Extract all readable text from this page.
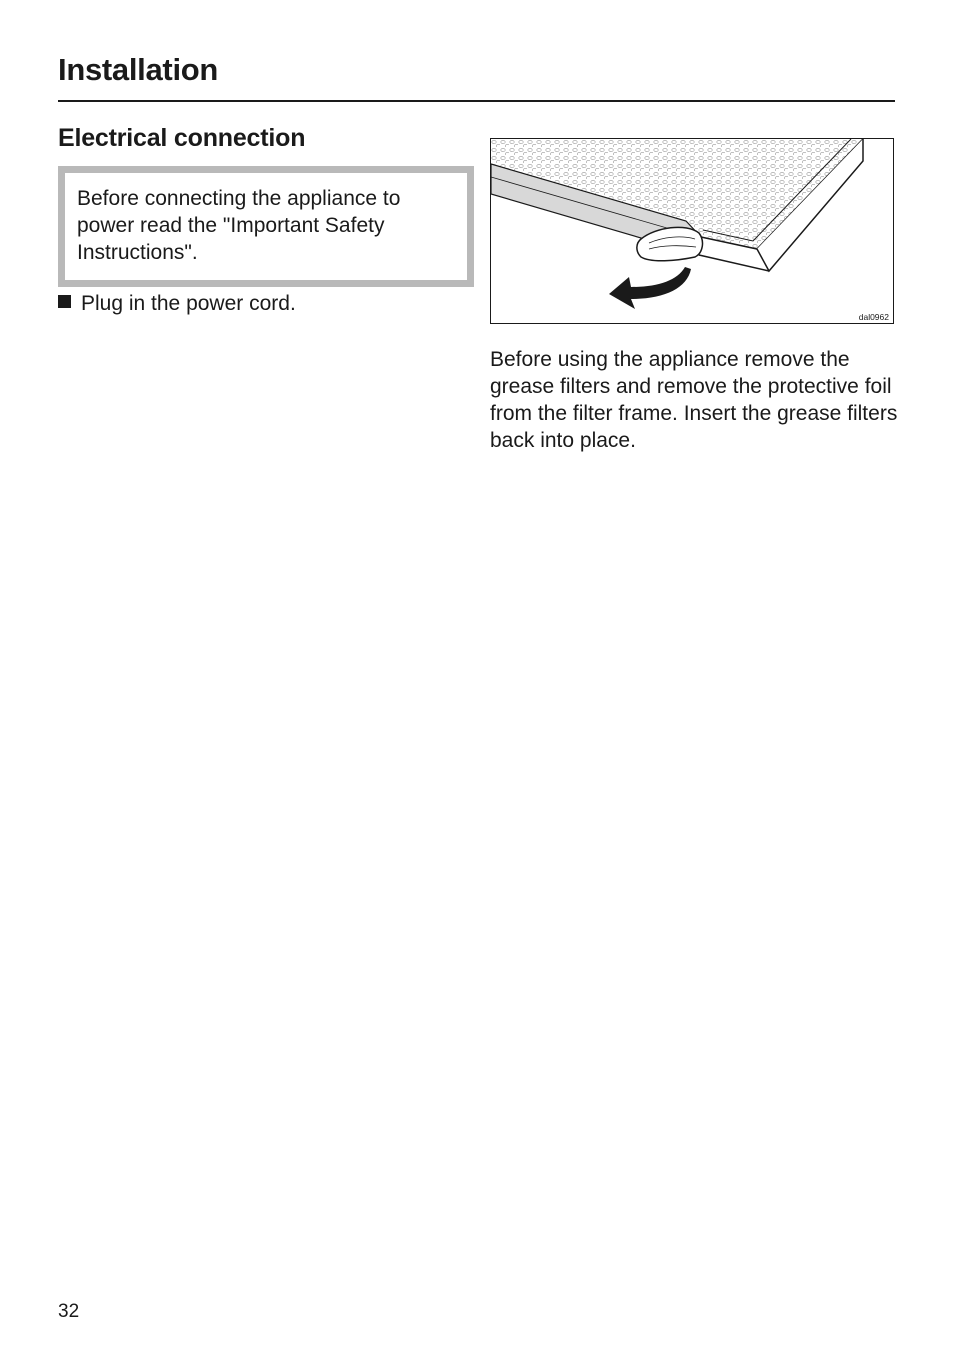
Installation
Electrical connection

Before connecting the appliance to power read the "Important Safety Instructions".

Plug in the power cord.
dal0962

Before using the appliance remove the grease filters and remove the protective foil from the filter frame. Insert the grease filters back into place.

32
